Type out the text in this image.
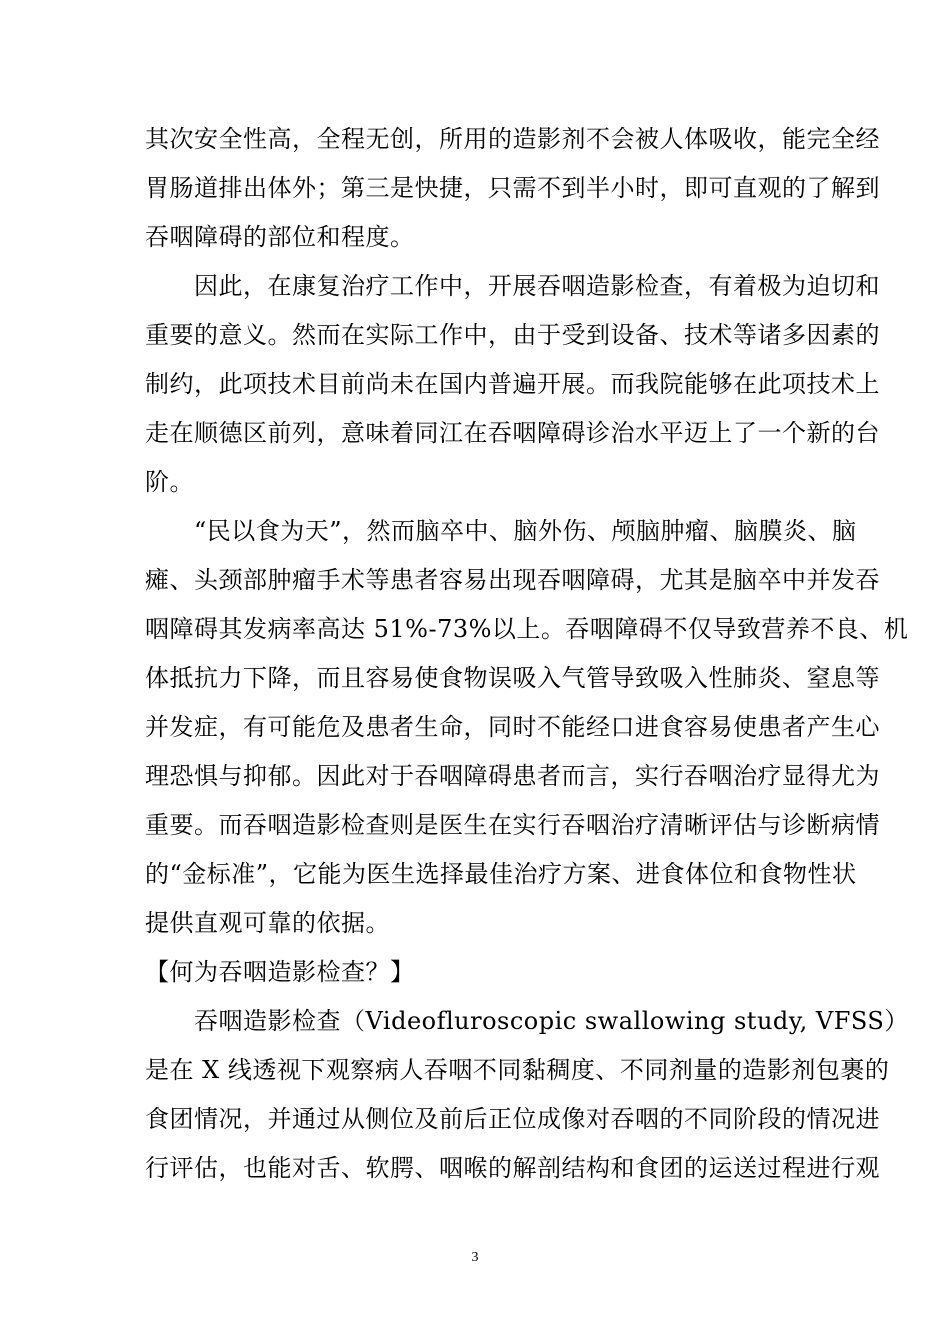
其次安全性高，全程无创，所用的造影剂不会被人体吸收，能完全经
胃肠道排出体外；第三是快捷，只需不到半小时，即可直观的了解到
吞咽障碍的部位和程度。
　　因此，在康复治疗工作中，开展吞咽造影检查，有着极为迫切和
重要的意义。然而在实际工作中，由于受到设备、技术等诸多因素的
制约，此项技术目前尚未在国内普遍开展。而我院能够在此项技术上
走在顺德区前列，意味着同江在吞咽障碍诊治水平迈上了一个新的台
阶。
　　“民以食为天”，然而脑卒中、脑外伤、颅脑肿瘤、脑膜炎、脑
瘫、头颈部肿瘤手术等患者容易出现吞咽障碍，尤其是脑卒中并发吞
咽障碍其发病率高达 51%-73%以上。吞咽障碍不仅导致营养不良、机
体抵抗力下降，而且容易使食物误吸入气管导致吸入性肺炎、窒息等
并发症，有可能危及患者生命，同时不能经口进食容易使患者产生心
理恐惧与抑郁。因此对于吞咽障碍患者而言，实行吞咽治疗显得尤为
重要。而吞咽造影检查则是医生在实行吞咽治疗清晰评估与诊断病情
的“金标准”，它能为医生选择最佳治疗方案、进食体位和食物性状
提供直观可靠的依据。
【何为吞咽造影检查？】
　　吞咽造影检查（Videofluroscopic swallowing study, VFSS）
是在 X 线透视下观察病人吞咽不同黏稠度、不同剂量的造影剂包裹的
食团情况，并通过从侧位及前后正位成像对吞咽的不同阶段的情况进
行评估，也能对舌、软腭、咽喉的解剖结构和食团的运送过程进行观
3
